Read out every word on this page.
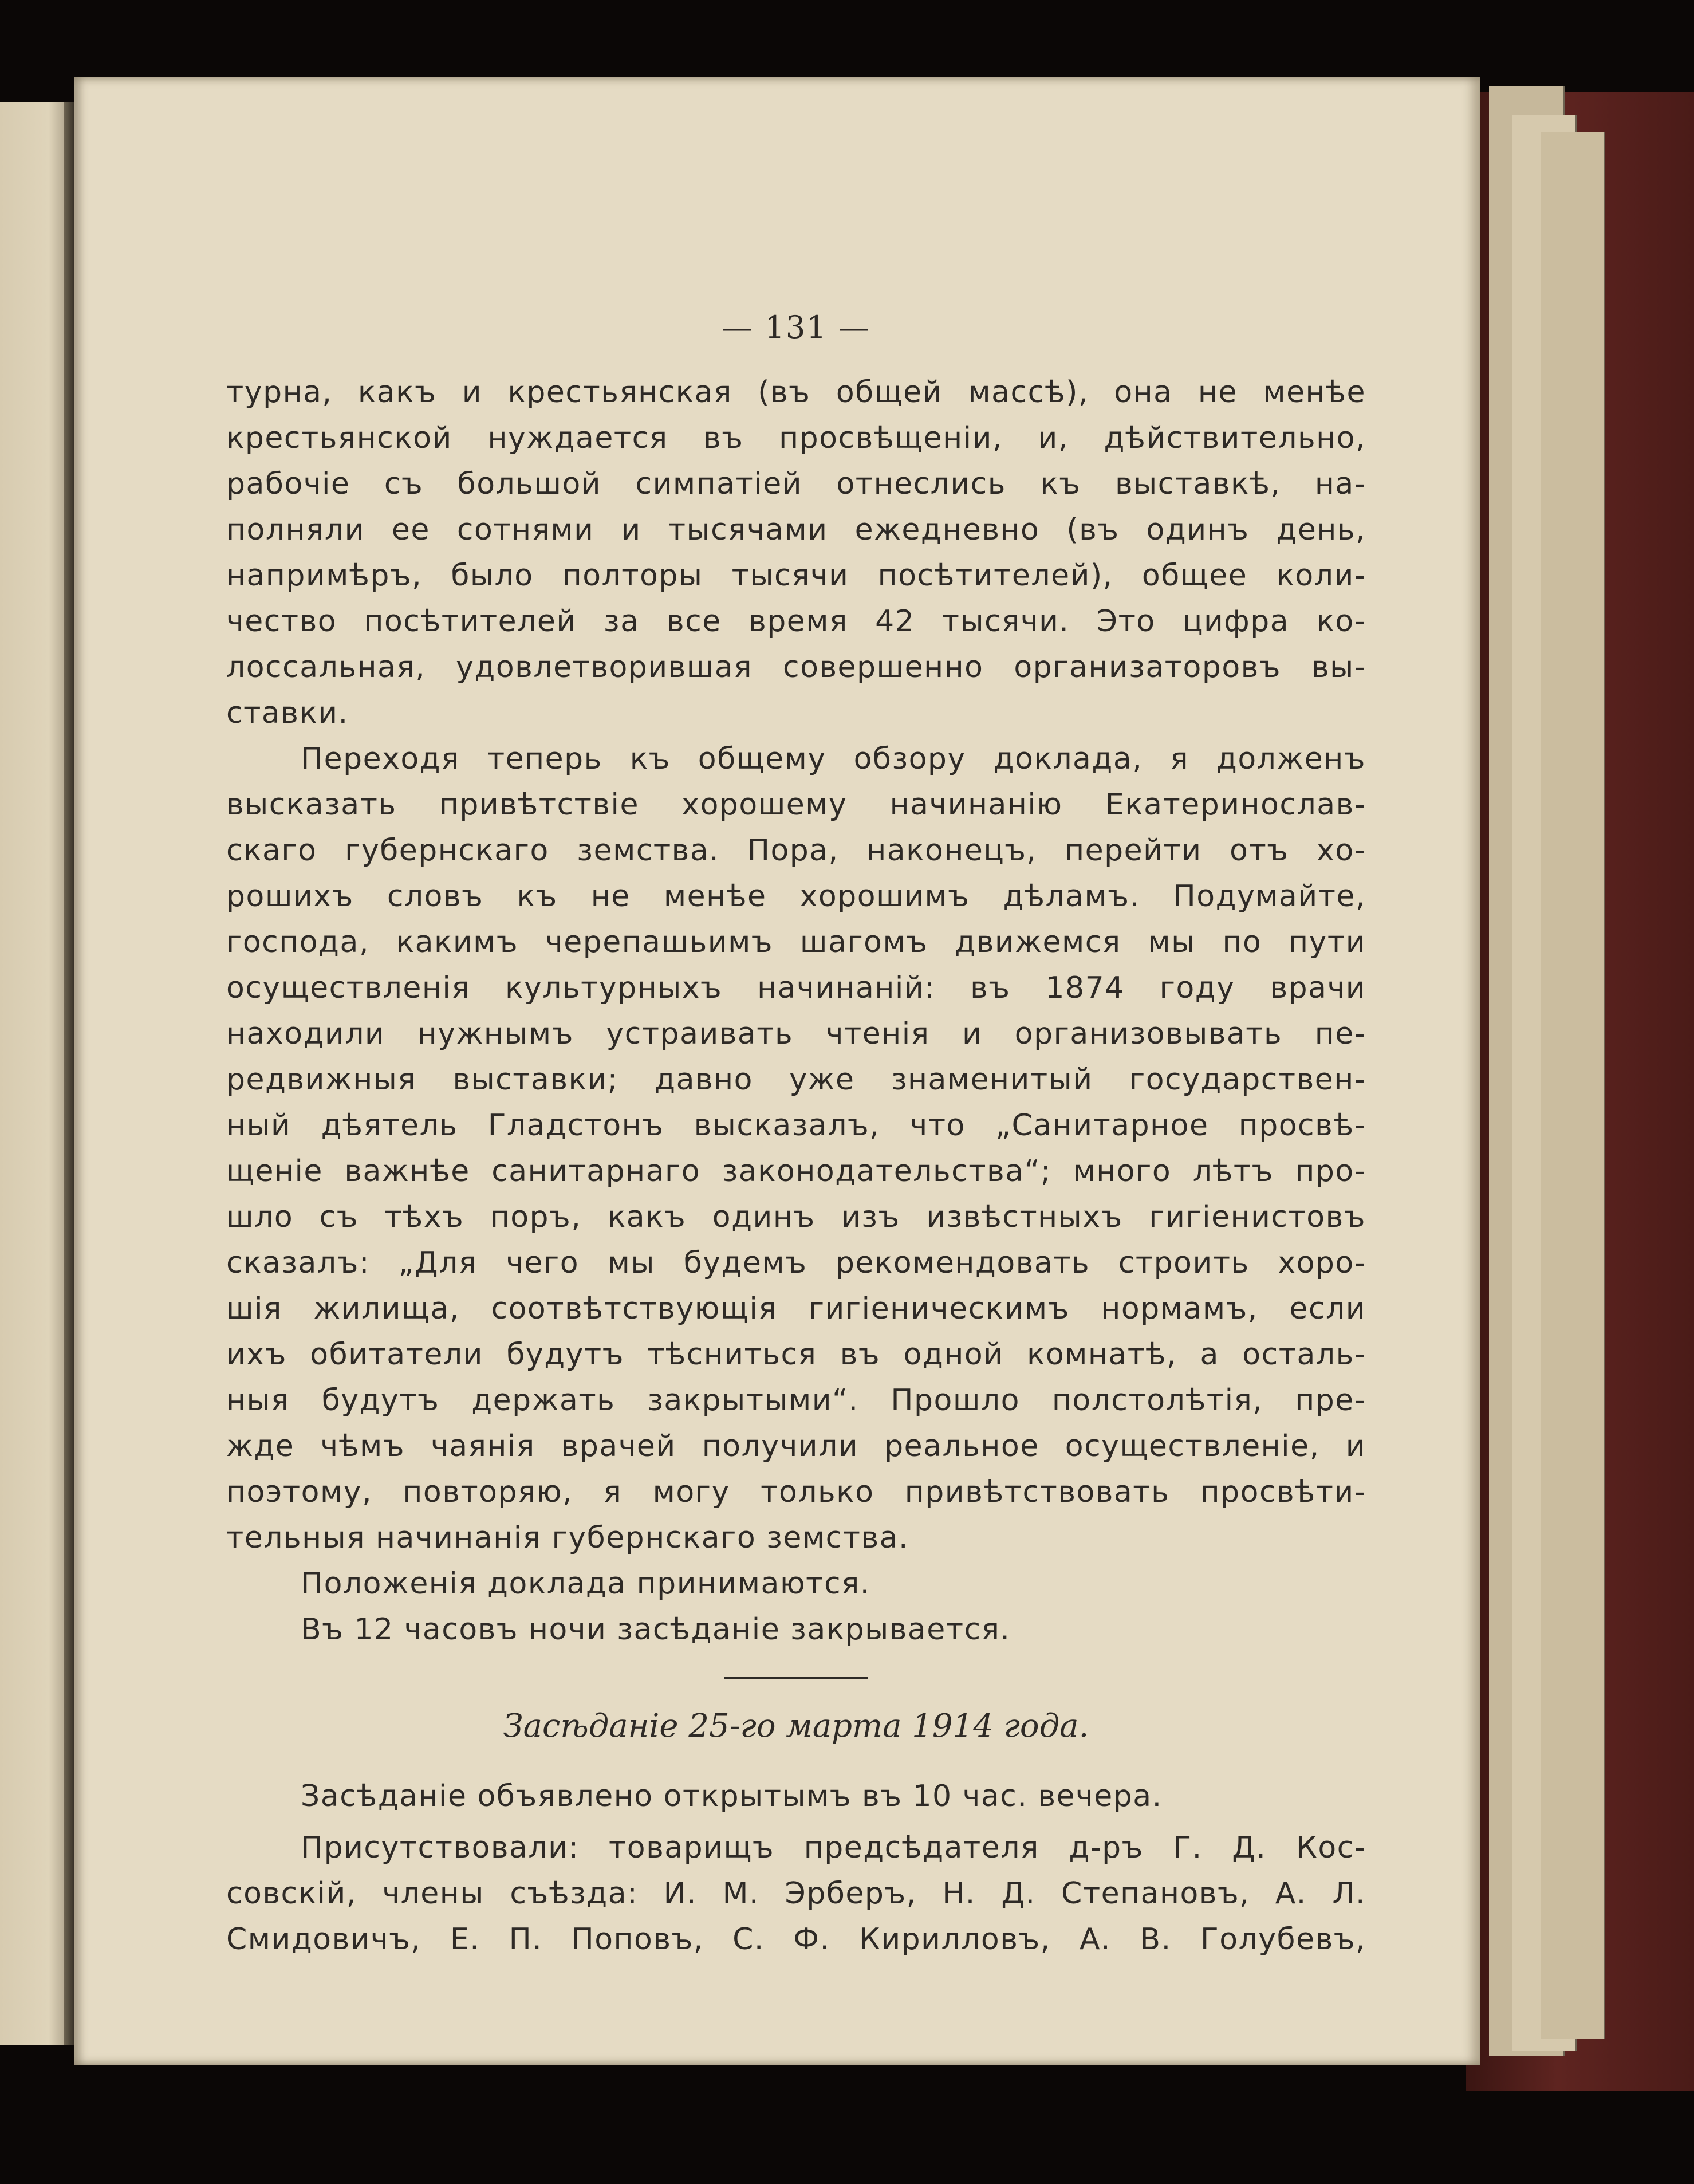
— 131 —
турна, какъ и крестьянская (въ общей массѣ), она не менѣе
крестьянской нуждается въ просвѣщеніи, и, дѣйствительно,
рабочіе съ большой симпатіей отнеслись къ выставкѣ, на-
полняли ее сотнями и тысячами ежедневно (въ одинъ день,
напримѣръ, было полторы тысячи посѣтителей), общее коли-
чество посѣтителей за все время 42 тысячи. Это цифра ко-
лоссальная, удовлетворившая совершенно организаторовъ вы-
ставки.
Переходя теперь къ общему обзору доклада, я долженъ
высказать привѣтствіе хорошему начинанію Екатеринослав-
скаго губернскаго земства. Пора, наконецъ, перейти отъ хо-
рошихъ словъ къ не менѣе хорошимъ дѣламъ. Подумайте,
господа, какимъ черепашьимъ шагомъ движемся мы по пути
осуществленія культурныхъ начинаній: въ 1874 году врачи
находили нужнымъ устраивать чтенія и организовывать пе-
редвижныя выставки; давно уже знаменитый государствен-
ный дѣятель Гладстонъ высказалъ, что „Санитарное просвѣ-
щеніе важнѣе санитарнаго законодательства“; много лѣтъ про-
шло съ тѣхъ поръ, какъ одинъ изъ извѣстныхъ гигіенистовъ
сказалъ: „Для чего мы будемъ рекомендовать строить хоро-
шія жилища, соотвѣтствующія гигіеническимъ нормамъ, если
ихъ обитатели будутъ тѣсниться въ одной комнатѣ, а осталь-
ныя будутъ держать закрытыми“. Прошло полстолѣтія, пре-
жде чѣмъ чаянія врачей получили реальное осуществленіе, и
поэтому, повторяю, я могу только привѣтствовать просвѣти-
тельныя начинанія губернскаго земства.
Положенія доклада принимаются.
Въ 12 часовъ ночи засѣданіе закрывается.
Засѣданіе 25-го марта 1914 года.
Засѣданіе объявлено открытымъ въ 10 час. вечера.
Присутствовали: товарищъ предсѣдателя д-ръ Г. Д. Кос-
совскій, члены съѣзда: И. М. Эрберъ, Н. Д. Степановъ, А. Л.
Смидовичъ, Е. П. Поповъ, С. Ф. Кирилловъ, А. В. Голубевъ,
